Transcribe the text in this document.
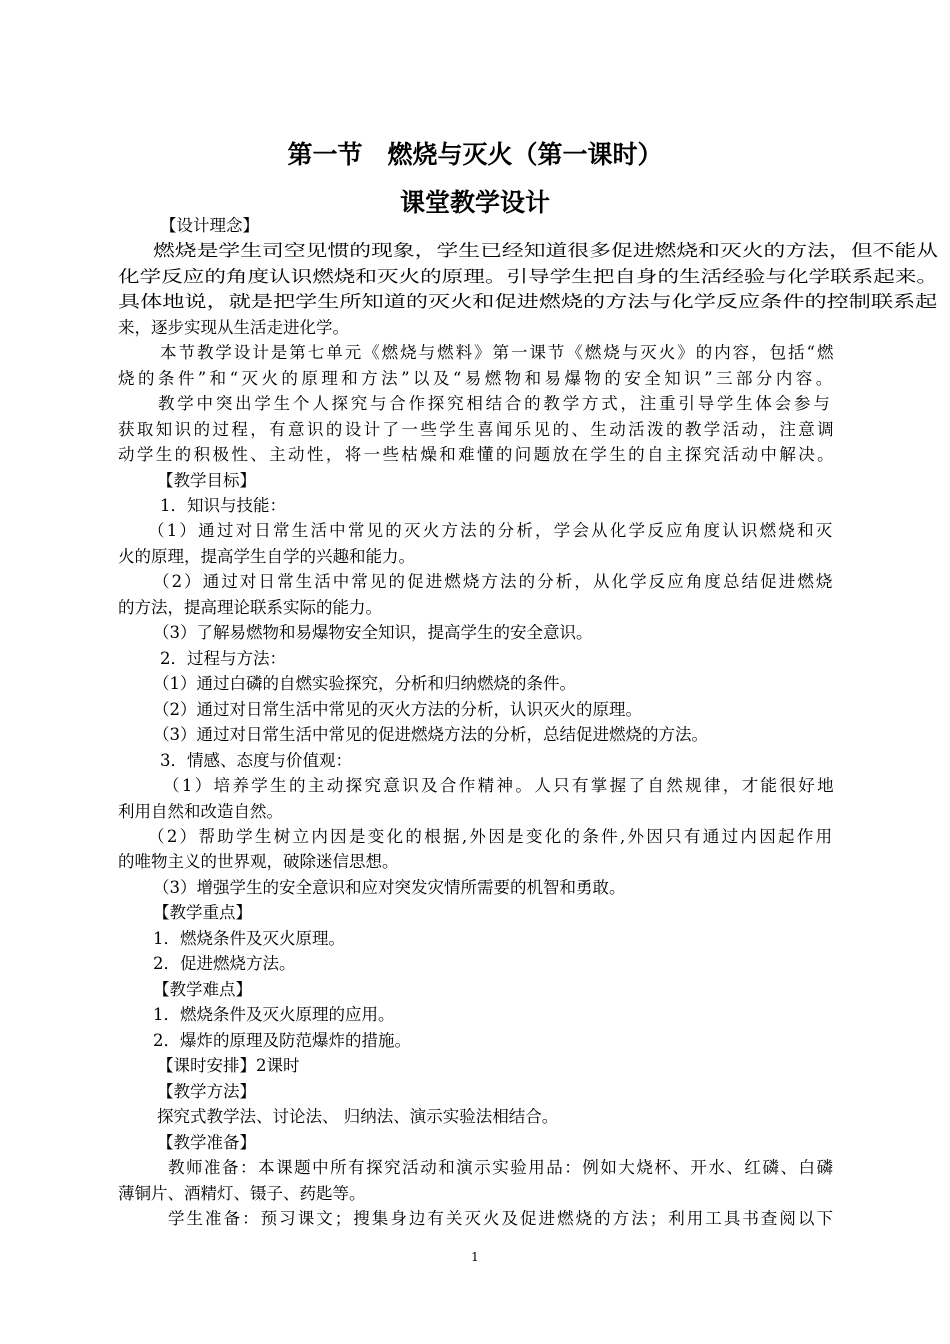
第一节　燃烧与灭火（第一课时）
课堂教学设计
【设计理念】
燃烧是学生司空见惯的现象，学生已经知道很多促进燃烧和灭火的方法，但不能从
化学反应的角度认识燃烧和灭火的原理。引导学生把自身的生活经验与化学联系起来。
具体地说，就是把学生所知道的灭火和促进燃烧的方法与化学反应条件的控制联系起
来，逐步实现从生活走进化学。
本节教学设计是第七单元《燃烧与燃料》第一课节《燃烧与灭火》的内容，包括“燃
烧的条件”和“灭火的原理和方法”以及“易燃物和易爆物的安全知识”三部分内容。
教学中突出学生个人探究与合作探究相结合的教学方式，注重引导学生体会参与
获取知识的过程，有意识的设计了一些学生喜闻乐见的、生动活泼的教学活动，注意调
动学生的积极性、主动性，将一些枯燥和难懂的问题放在学生的自主探究活动中解决。
【教学目标】
1．知识与技能：
（1）通过对日常生活中常见的灭火方法的分析，学会从化学反应角度认识燃烧和灭
火的原理，提高学生自学的兴趣和能力。
（2）通过对日常生活中常见的促进燃烧方法的分析，从化学反应角度总结促进燃烧
的方法，提高理论联系实际的能力。
（3）了解易燃物和易爆物安全知识，提高学生的安全意识。
2．过程与方法：
（1）通过白磷的自燃实验探究，分析和归纳燃烧的条件。
（2）通过对日常生活中常见的灭火方法的分析，认识灭火的原理。
（3）通过对日常生活中常见的促进燃烧方法的分析，总结促进燃烧的方法。
3．情感、态度与价值观：
（1）培养学生的主动探究意识及合作精神。人只有掌握了自然规律，才能很好地
利用自然和改造自然。
（2）帮助学生树立内因是变化的根据,外因是变化的条件,外因只有通过内因起作用
的唯物主义的世界观，破除迷信思想。
（3）增强学生的安全意识和应对突发灾情所需要的机智和勇敢。
【教学重点】
1．燃烧条件及灭火原理。
2．促进燃烧方法。
【教学难点】
1．燃烧条件及灭火原理的应用。
2．爆炸的原理及防范爆炸的措施。
【课时安排】2课时
【教学方法】
探究式教学法、讨论法、 归纳法、演示实验法相结合。
【教学准备】
教师准备：本课题中所有探究活动和演示实验用品：例如大烧杯、开水、红磷、白磷
薄铜片、酒精灯、镊子、药匙等。
学生准备：预习课文；搜集身边有关灭火及促进燃烧的方法；利用工具书查阅以下
1
